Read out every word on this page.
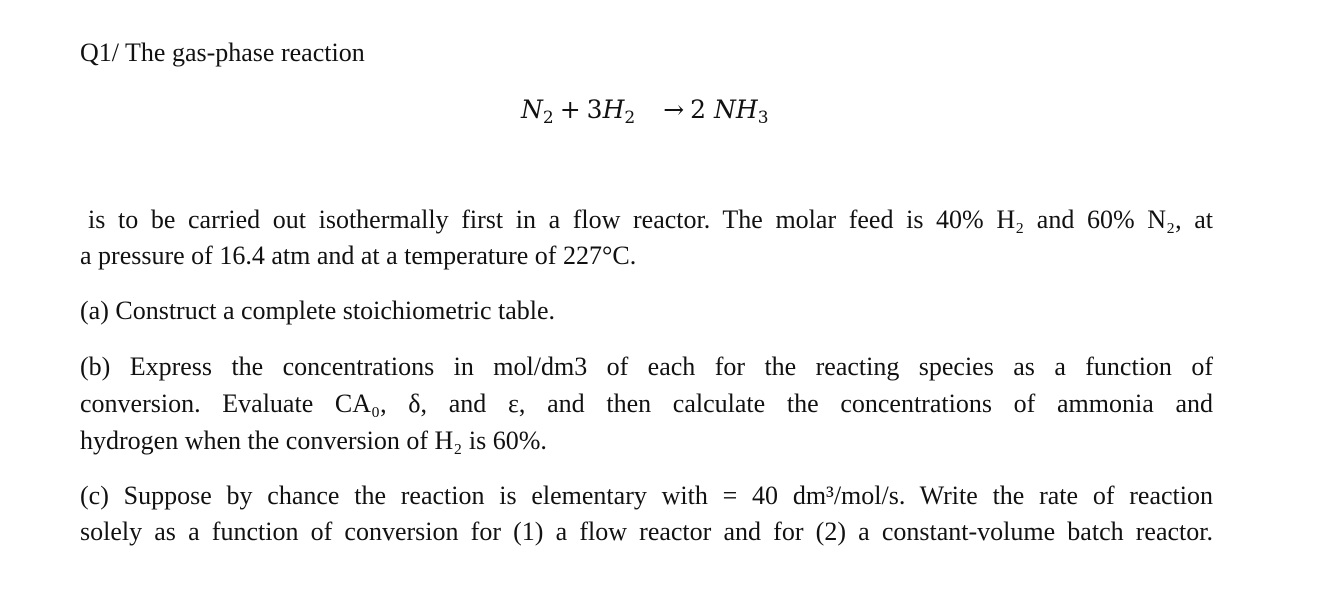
Q1/ The gas-phase reaction
$N_2 + 3H_2 \to 2$ $NH_3$
is to be carried out isothermally first in a flow reactor. The molar feed is 40% H₂ and 60% N₂, at
a pressure of 16.4 atm and at a temperature of 227°C.
(a) Construct a complete stoichiometric table.
(b) Express the concentrations in mol/dm3 of each for the reacting species as a function of
conversion. Evaluate CA₀, δ, and ε, and then calculate the concentrations of ammonia and
hydrogen when the conversion of H₂ is 60%.
(c) Suppose by chance the reaction is elementary with = 40 dm³/mol/s. Write the rate of reaction
solely as a function of conversion for (1) a flow reactor and for (2) a constant-volume batch reactor.
